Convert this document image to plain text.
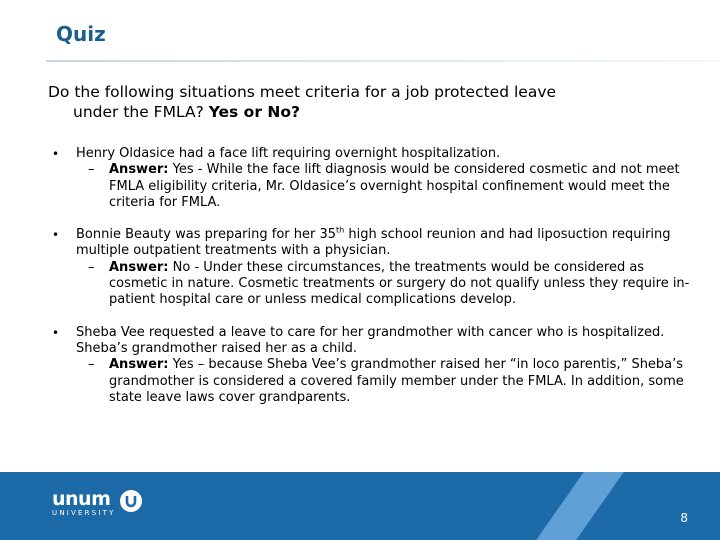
Quiz
Do the following situations meet criteria for a job protected leave
under the FMLA? Yes or No?
• Henry Oldasice had a face lift requiring overnight hospitalization.
– Answer: Yes - While the face lift diagnosis would be considered cosmetic and not meet FMLA eligibility criteria, Mr. Oldasice’s overnight hospital confinement would meet the criteria for FMLA.
• Bonnie Beauty was preparing for her 35th high school reunion and had liposuction requiring multiple outpatient treatments with a physician.
– Answer: No - Under these circumstances, the treatments would be considered as cosmetic in nature. Cosmetic treatments or surgery do not qualify unless they require in-patient hospital care or unless medical complications develop.
• Sheba Vee requested a leave to care for her grandmother with cancer who is hospitalized. Sheba’s grandmother raised her as a child.
– Answer: Yes – because Sheba Vee’s grandmother raised her “in loco parentis,” Sheba’s grandmother is considered a covered family member under the FMLA. In addition, some state leave laws cover grandparents.
unum
UNIVERSITY	8
